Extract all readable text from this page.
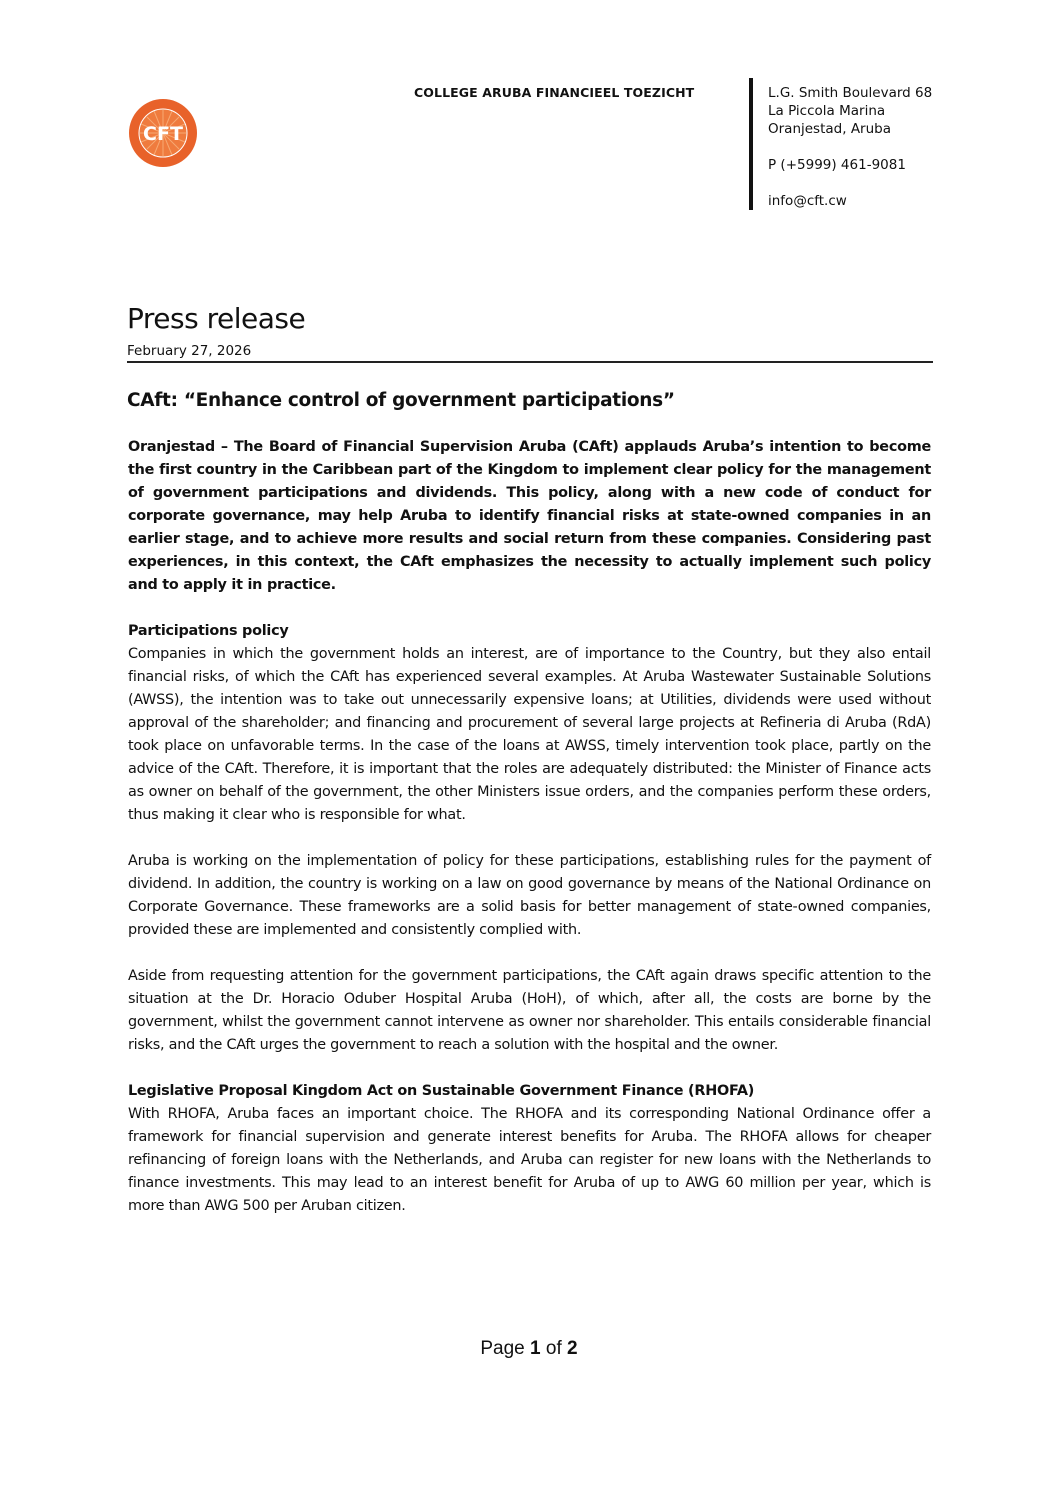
CFT
COLLEGE ARUBA FINANCIEEL TOEZICHT	L.G. Smith Boulevard 68
La Piccola Marina
Oranjestad, Aruba
P (+5999) 461-9081
info@cft.cw
Press release
February 27, 2026
CAft: “Enhance control of government participations”

Oranjestad – The Board of Financial Supervision Aruba (CAft) applauds Aruba’s intention to become the first country in the Caribbean part of the Kingdom to implement clear policy for the management of government participations and dividends. This policy, along with a new code of conduct for corporate governance, may help Aruba to identify financial risks at state-owned companies in an earlier stage, and to achieve more results and social return from these companies. Considering past experiences, in this context, the CAft emphasizes the necessity to actually implement such policy and to apply it in practice.

Participations policy

Companies in which the government holds an interest, are of importance to the Country, but they also entail financial risks, of which the CAft has experienced several examples. At Aruba Wastewater Sustainable Solutions (AWSS), the intention was to take out unnecessarily expensive loans; at Utilities, dividends were used without approval of the shareholder; and financing and procurement of several large projects at Refineria di Aruba (RdA) took place on unfavorable terms. In the case of the loans at AWSS, timely intervention took place, partly on the advice of the CAft. Therefore, it is important that the roles are adequately distributed: the Minister of Finance acts as owner on behalf of the government, the other Ministers issue orders, and the companies perform these orders, thus making it clear who is responsible for what.

Aruba is working on the implementation of policy for these participations, establishing rules for the payment of dividend. In addition, the country is working on a law on good governance by means of the National Ordinance on Corporate Governance. These frameworks are a solid basis for better management of state-owned companies, provided these are implemented and consistently complied with.

Aside from requesting attention for the government participations, the CAft again draws specific attention to the situation at the Dr. Horacio Oduber Hospital Aruba (HoH), of which, after all, the costs are borne by the government, whilst the government cannot intervene as owner nor shareholder. This entails considerable financial risks, and the CAft urges the government to reach a solution with the hospital and the owner.

Legislative Proposal Kingdom Act on Sustainable Government Finance (RHOFA)

With RHOFA, Aruba faces an important choice. The RHOFA and its corresponding National Ordinance offer a framework for financial supervision and generate interest benefits for Aruba. The RHOFA allows for cheaper refinancing of foreign loans with the Netherlands, and Aruba can register for new loans with the Netherlands to finance investments. This may lead to an interest benefit for Aruba of up to AWG 60 million per year, which is more than AWG 500 per Aruban citizen.

Page 1 of 2
